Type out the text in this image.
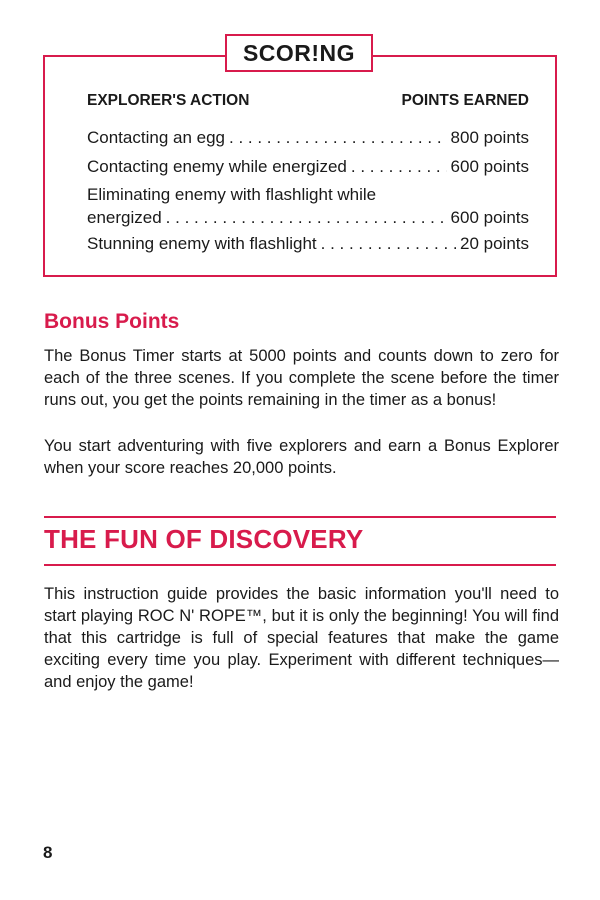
SCOR!NG
EXPLORER'S ACTION	POINTS EARNED
Contacting an egg . . .	800 points
Contacting enemy while energized . . .	600 points
Eliminating enemy with flashlight while
energized . . .	600 points
Stunning enemy with flashlight . . .	20 points
Bonus Points
The Bonus Timer starts at 5000 points and counts down to zero for each of the three scenes. If you complete the scene before the timer runs out, you get the points remaining in the timer as a bonus!
You start adventuring with five explorers and earn a Bonus Explorer when your score reaches 20,000 points.
THE FUN OF DISCOVERY
This instruction guide provides the basic information you'll need to start playing ROC N' ROPE™, but it is only the beginning! You will find that this cartridge is full of special features that make the game exciting every time you play. Experiment with different techniques—and enjoy the game!
8
